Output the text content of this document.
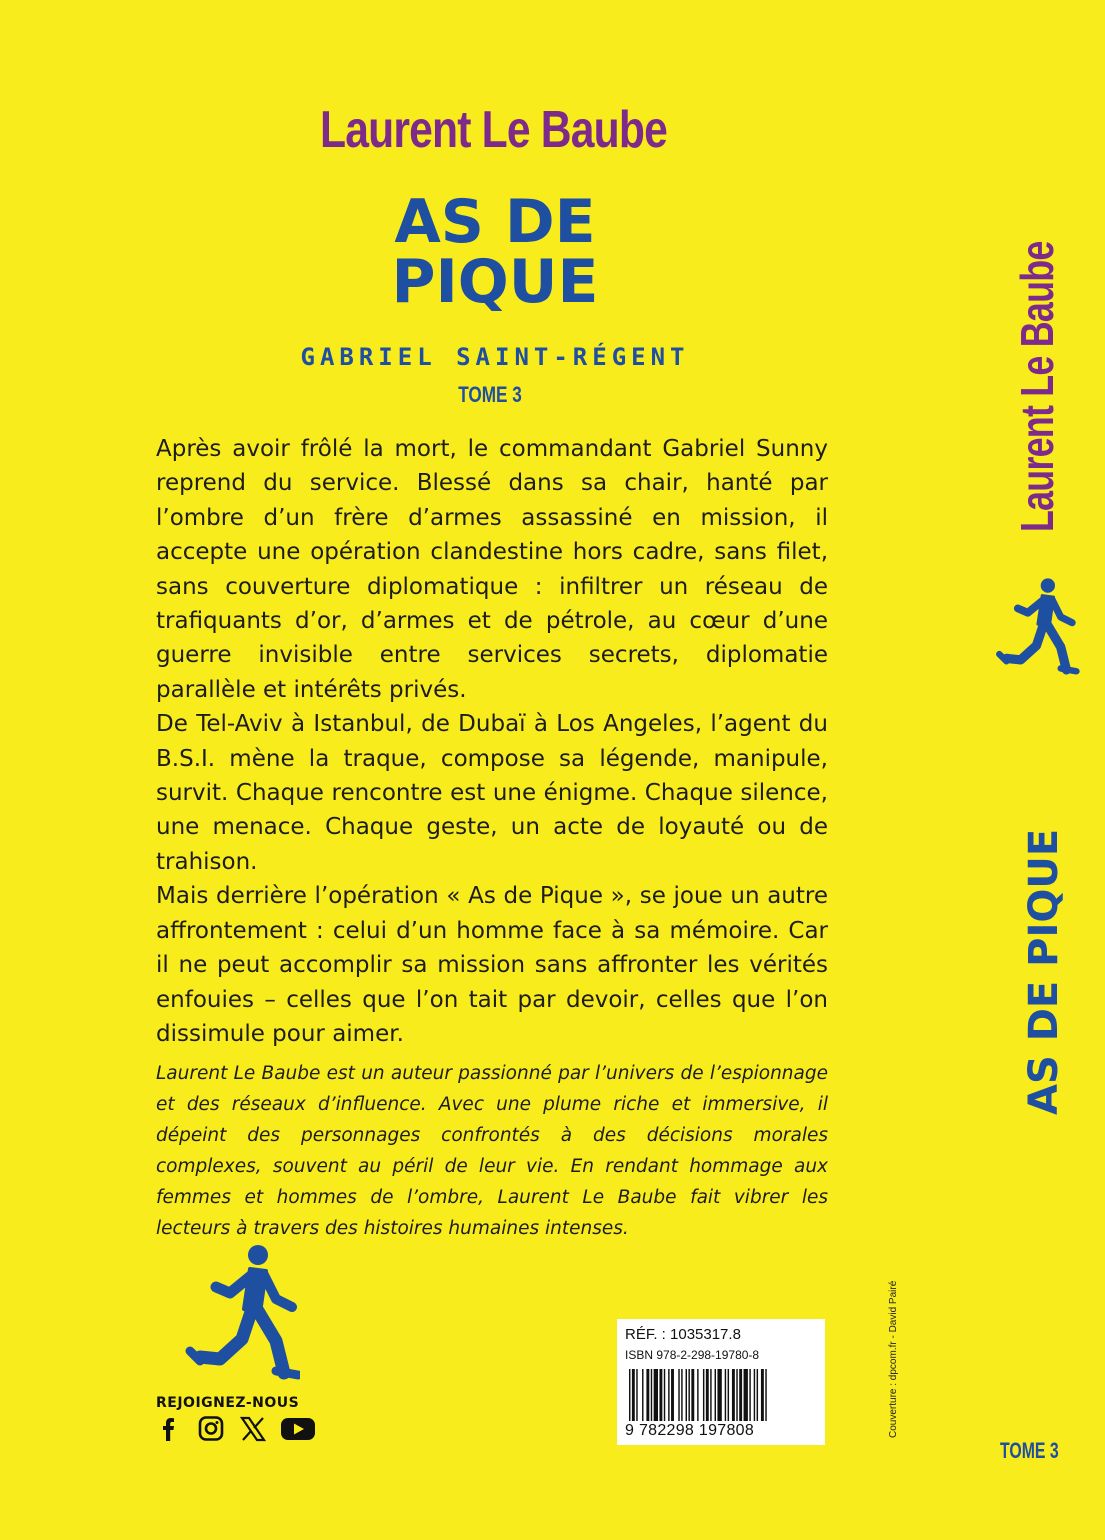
Laurent Le Baube
AS DE
PIQUE
GABRIEL SAINT-RÉGENT
TOME 3

Après avoir frôlé la mort, le commandant Gabriel Sunny reprend du service. Blessé dans sa chair, hanté par l’ombre d’un frère d’armes assassiné en mission, il accepte une opération clandestine hors cadre, sans filet, sans couverture diplomatique : infiltrer un réseau de trafiquants d’or, d’armes et de pétrole, au cœur d’une guerre invisible entre services secrets, diplomatie parallèle et intérêts privés.

De Tel-Aviv à Istanbul, de Dubaï à Los Angeles, l’agent du B.S.I. mène la traque, compose sa légende, manipule, survit. Chaque rencontre est une énigme. Chaque silence, une menace. Chaque geste, un acte de loyauté ou de trahison.

Mais derrière l’opération « As de Pique », se joue un autre affrontement : celui d’un homme face à sa mémoire. Car il ne peut accomplir sa mission sans affronter les vérités enfouies – celles que l’on tait par devoir, celles que l’on dissimule pour aimer.

Laurent Le Baube est un auteur passionné par l’univers de l’espionnage et des réseaux d’influence. Avec une plume riche et immersive, il dépeint des personnages confrontés à des décisions morales complexes, souvent au péril de leur vie. En rendant hommage aux femmes et hommes de l’ombre, Laurent Le Baube fait vibrer les lecteurs à travers des histoires humaines intenses.
REJOIGNEZ-NOUS
RÉF. : 1035317.8
ISBN 978-2-298-19780-8
9 782298 197808	Couverture : dpcom.fr - David Pairé
Laurent Le Baube
AS DE PIQUE
TOME 3
